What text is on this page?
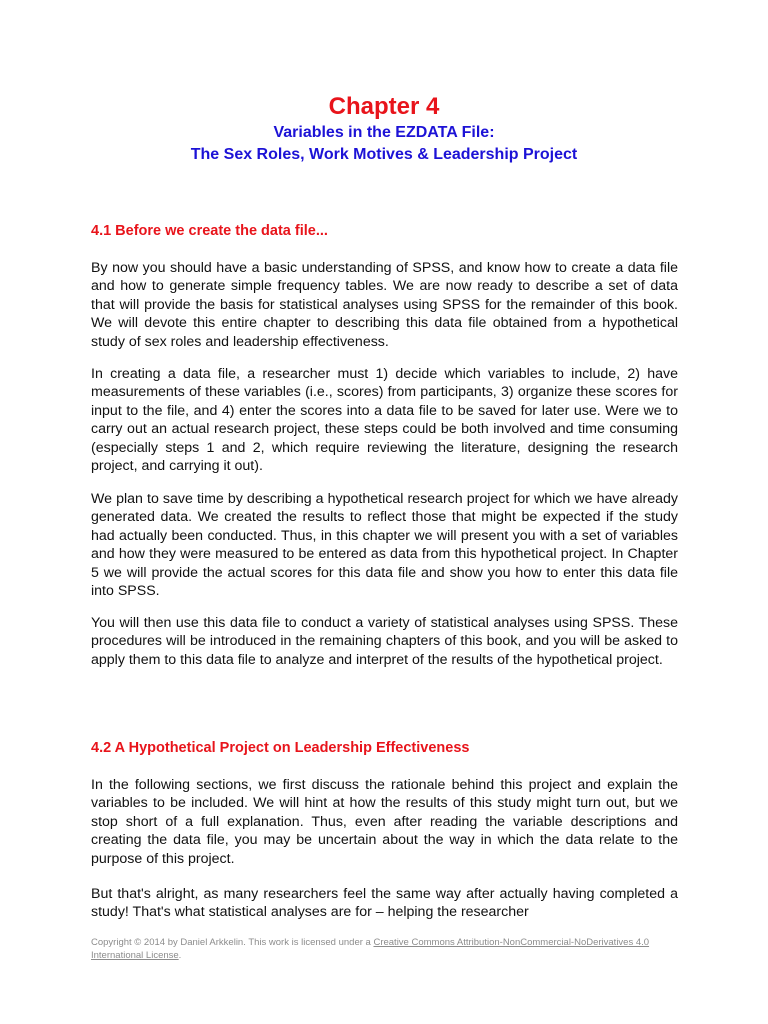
Chapter 4
Variables in the EZDATA File:
The Sex Roles, Work Motives & Leadership Project
4.1 Before we create the data file...

By now you should have a basic understanding of SPSS, and know how to create a data file and how to generate simple frequency tables. We are now ready to describe a set of data that will provide the basis for statistical analyses using SPSS for the remainder of this book. We will devote this entire chapter to describing this data file obtained from a hypothetical study of sex roles and leadership effectiveness.

In creating a data file, a researcher must 1) decide which variables to include, 2) have measurements of these variables (i.e., scores) from participants, 3) organize these scores for input to the file, and 4) enter the scores into a data file to be saved for later use. Were we to carry out an actual research project, these steps could be both involved and time consuming (especially steps 1 and 2, which require reviewing the literature, designing the research project, and carrying it out).

We plan to save time by describing a hypothetical research project for which we have already generated data. We created the results to reflect those that might be expected if the study had actually been conducted. Thus, in this chapter we will present you with a set of variables and how they were measured to be entered as data from this hypothetical project. In Chapter 5 we will provide the actual scores for this data file and show you how to enter this data file into SPSS.

You will then use this data file to conduct a variety of statistical analyses using SPSS. These procedures will be introduced in the remaining chapters of this book, and you will be asked to apply them to this data file to analyze and interpret of the results of the hypothetical project.

4.2 A Hypothetical Project on Leadership Effectiveness

In the following sections, we first discuss the rationale behind this project and explain the variables to be included. We will hint at how the results of this study might turn out, but we stop short of a full explanation. Thus, even after reading the variable descriptions and creating the data file, you may be uncertain about the way in which the data relate to the purpose of this project.

But that's alright, as many researchers feel the same way after actually having completed a study! That's what statistical analyses are for – helping the researcher

Copyright © 2014 by Daniel Arkkelin. This work is licensed under a Creative Commons Attribution-NonCommercial-NoDerivatives 4.0 International License.
